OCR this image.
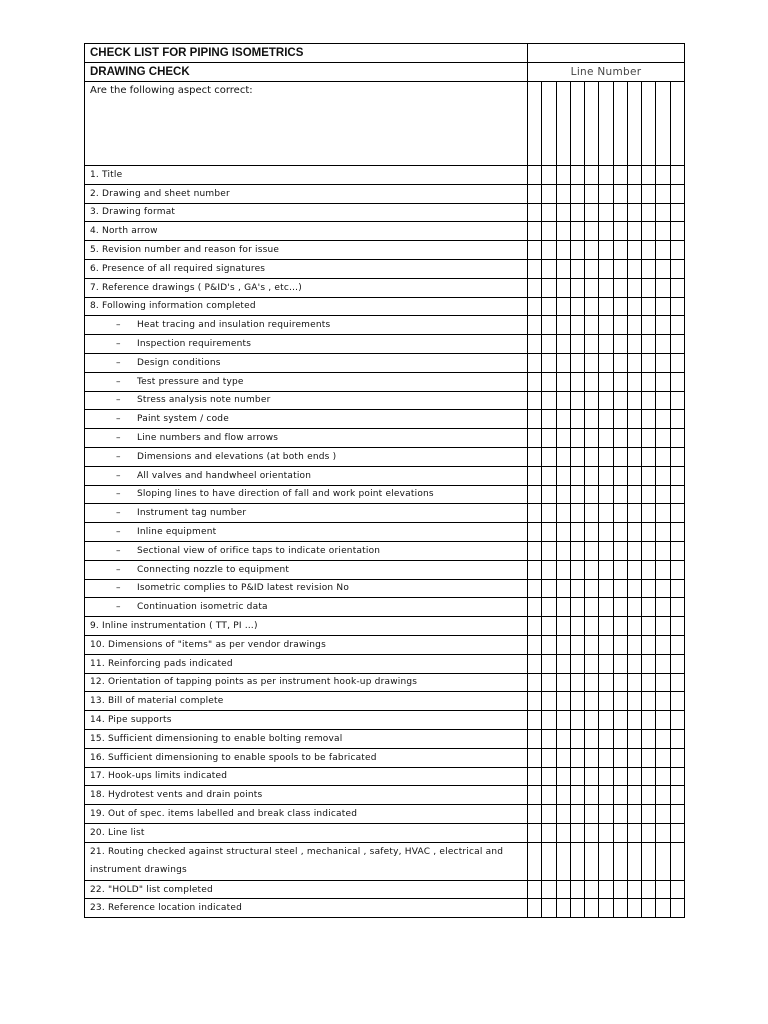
CHECK LIST FOR PIPING ISOMETRICS											
DRAWING CHECK	Line Number										
Are the following aspect correct:											
1. Title											
2. Drawing and sheet number											
3. Drawing format											
4. North arrow											
5. Revision number and reason for issue											
6. Presence of all required signatures											
7. Reference drawings ( P&ID's , GA's , etc…)											
8. Following information completed											
– Heat tracing and insulation requirements											
– Inspection requirements											
– Design conditions											
– Test pressure and type											
– Stress analysis note number											
– Paint system / code											
– Line numbers and flow arrows											
– Dimensions and elevations (at both ends )											
– All valves and handwheel orientation											
– Sloping lines to have direction of fall and work point elevations											
– Instrument tag number											
– Inline equipment											
– Sectional view of orifice taps to indicate orientation											
– Connecting nozzle to equipment											
– Isometric complies to P&ID latest revision No											
– Continuation isometric data											
9. Inline instrumentation ( TT, PI …)											
10. Dimensions of "items" as per vendor drawings											
11. Reinforcing pads indicated											
12. Orientation of tapping points as per instrument hook-up drawings											
13. Bill of material complete											
14. Pipe supports											
15. Sufficient dimensioning to enable bolting removal											
16. Sufficient dimensioning to enable spools to be fabricated											
17. Hook-ups limits indicated											
18. Hydrotest vents and drain points											
19. Out of spec. items labelled and break class indicated											
20. Line list											
21. Routing checked against structural steel , mechanical , safety, HVAC , electrical and instrument drawings											
22. "HOLD" list completed											
23. Reference location indicated											
